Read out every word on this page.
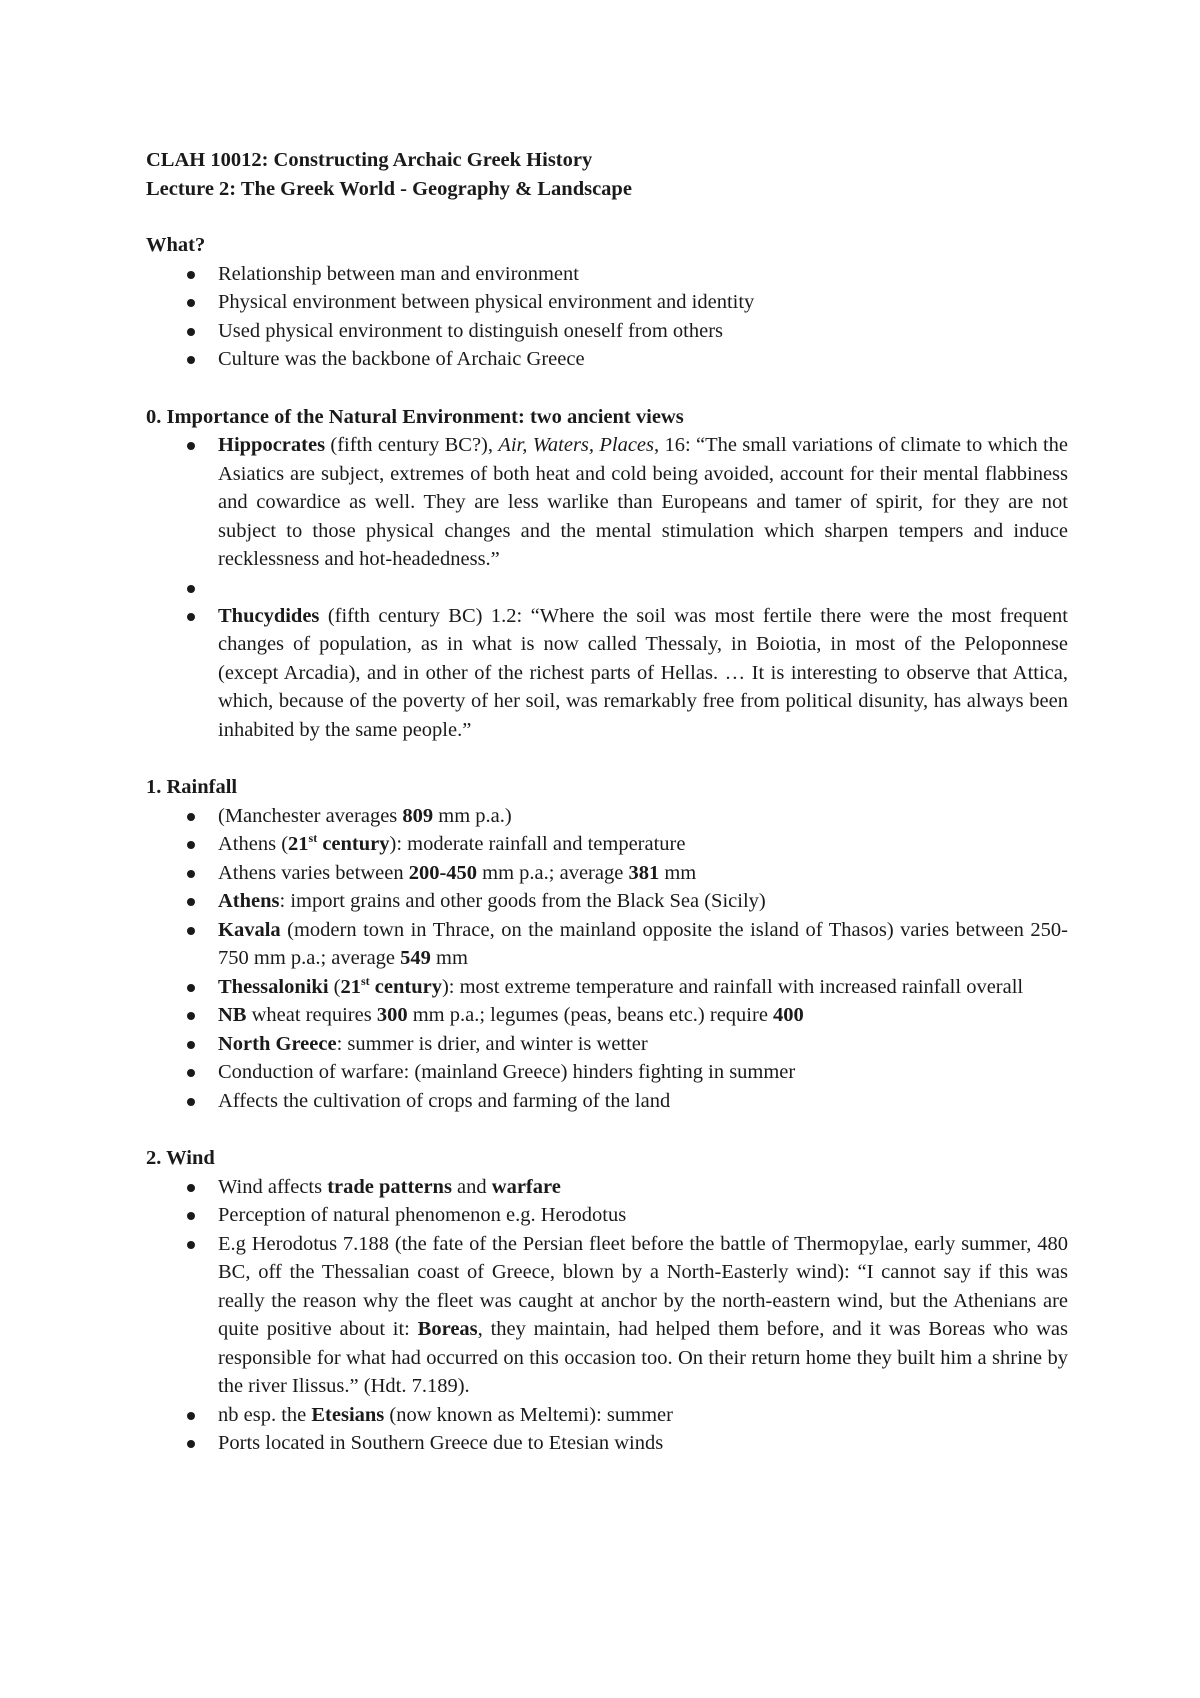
CLAH 10012: Constructing Archaic Greek History

Lecture 2: The Greek World - Geography & Landscape

What?

Relationship between man and environment
Physical environment between physical environment and identity
Used physical environment to distinguish oneself from others
Culture was the backbone of Archaic Greece

0. Importance of the Natural Environment: two ancient views

Hippocrates (fifth century BC?), Air, Waters, Places, 16: “The small variations of climate to which the Asiatics are subject, extremes of both heat and cold being avoided, account for their mental flabbiness and cowardice as well. They are less warlike than Europeans and tamer of spirit, for they are not subject to those physical changes and the mental stimulation which sharpen tempers and induce recklessness and hot-headedness.”
Thucydides (fifth century BC) 1.2: “Where the soil was most fertile there were the most frequent changes of population, as in what is now called Thessaly, in Boiotia, in most of the Peloponnese (except Arcadia), and in other of the richest parts of Hellas. … It is interesting to observe that Attica, which, because of the poverty of her soil, was remarkably free from political disunity, has always been inhabited by the same people.”

1. Rainfall

(Manchester averages 809 mm p.a.)
Athens (21st century): moderate rainfall and temperature
Athens varies between 200-450 mm p.a.; average 381 mm
Athens: import grains and other goods from the Black Sea (Sicily)
Kavala (modern town in Thrace, on the mainland opposite the island of Thasos) varies between 250-750 mm p.a.; average 549 mm
Thessaloniki (21st century): most extreme temperature and rainfall with increased rainfall overall
NB wheat requires 300 mm p.a.; legumes (peas, beans etc.) require 400
North Greece: summer is drier, and winter is wetter
Conduction of warfare: (mainland Greece) hinders fighting in summer
Affects the cultivation of crops and farming of the land

2. Wind

Wind affects trade patterns and warfare
Perception of natural phenomenon e.g. Herodotus
E.g Herodotus 7.188 (the fate of the Persian fleet before the battle of Thermopylae, early summer, 480 BC, off the Thessalian coast of Greece, blown by a North-Easterly wind): “I cannot say if this was really the reason why the fleet was caught at anchor by the north-eastern wind, but the Athenians are quite positive about it: Boreas, they maintain, had helped them before, and it was Boreas who was responsible for what had occurred on this occasion too. On their return home they built him a shrine by the river Ilissus.” (Hdt. 7.189).
nb esp. the Etesians (now known as Meltemi): summer
Ports located in Southern Greece due to Etesian winds
